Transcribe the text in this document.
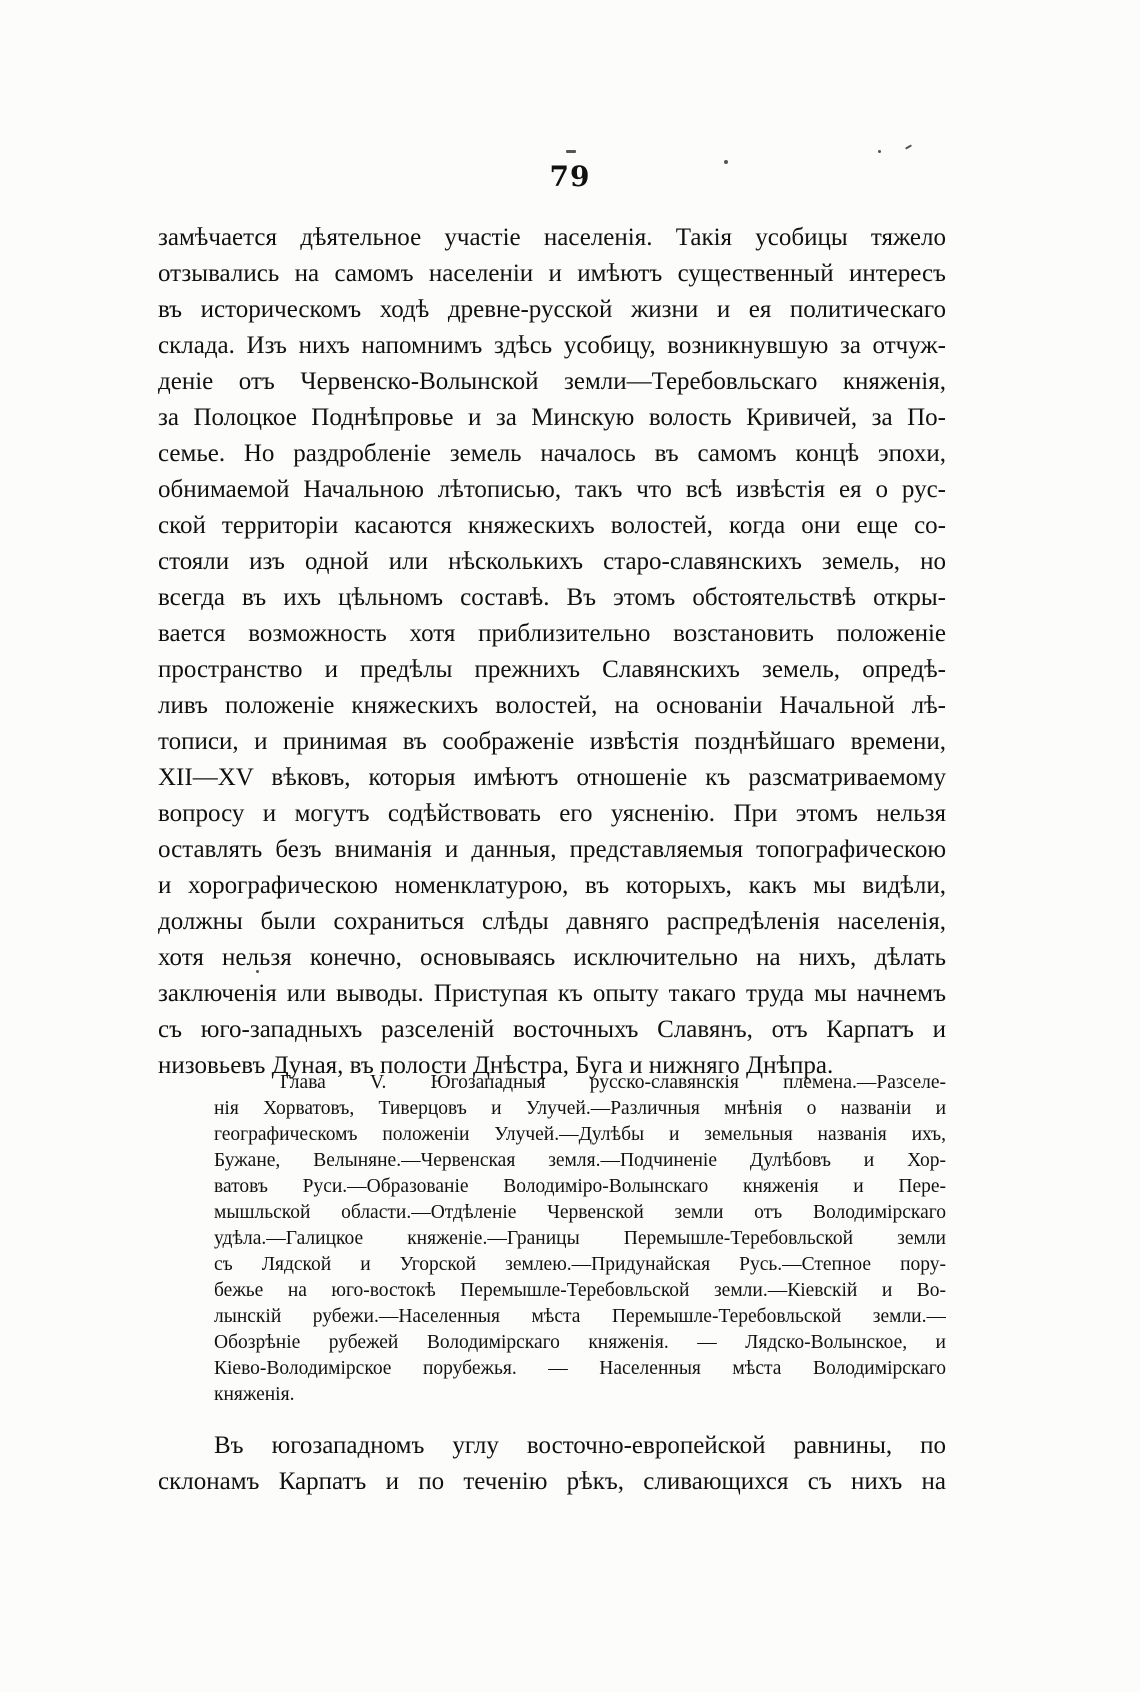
79
замѣчается дѣятельное участіе населенія. Такія усобицы тяжело
отзывались на самомъ населеніи и имѣютъ существенный интересъ
въ историческомъ ходѣ древне-русской жизни и ея политическаго
склада. Изъ нихъ напомнимъ здѣсь усобицу, возникнувшую за отчуж-
деніе отъ Червенско-Волынской земли—Теребовльскаго княженія,
за Полоцкое Поднѣпровье и за Минскую волость Кривичей, за По-
семье. Но раздробленіе земель началось въ самомъ концѣ эпохи,
обнимаемой Начальною лѣтописью, такъ что всѣ извѣстія ея о рус-
ской территоріи касаются княжескихъ волостей, когда они еще со-
стояли изъ одной или нѣсколькихъ старо-славянскихъ земель, но
всегда въ ихъ цѣльномъ составѣ. Въ этомъ обстоятельствѣ откры-
вается возможность хотя приблизительно возстановить положеніе
пространство и предѣлы прежнихъ Славянскихъ земель, опредѣ-
ливъ положеніе княжескихъ волостей, на основаніи Начальной лѣ-
тописи, и принимая въ соображеніе извѣстія позднѣйшаго времени,
XII—XV вѣковъ, которыя имѣютъ отношеніе къ разсматриваемому
вопросу и могутъ содѣйствовать его уясненію. При этомъ нельзя
оставлять безъ вниманія и данныя, представляемыя топографическою
и хорографическою номенклатурою, въ которыхъ, какъ мы видѣли,
должны были сохраниться слѣды давняго распредѣленія населенія,
хотя нельзя конечно, основываясь исключительно на нихъ, дѣлать
заключенія или выводы. Приступая къ опыту такаго труда мы начнемъ
съ юго-западныхъ разселеній восточныхъ Славянъ, отъ Карпатъ и
низовьевъ Дуная, въ полости Днѣстра, Буга и нижняго Днѣпра.
Глава V. Югозападныя русско-славянскія племена.—Разселе-
нія Хорватовъ, Тиверцовъ и Улучей.—Различныя мнѣнія о названіи и
географическомъ положеніи Улучей.—Дулѣбы и земельныя названія ихъ,
Бужане, Велыняне.—Червенская земля.—Подчиненіе Дулѣбовъ и Хор-
ватовъ Руси.—Образованіе Володиміро-Волынскаго княженія и Пере-
мышльской области.—Отдѣленіе Червенской земли отъ Володимірскаго
удѣла.—Галицкое княженіе.—Границы Перемышле-Теребовльской земли
съ Лядской и Угорской землею.—Придунайская Русь.—Степное пору-
бежье на юго-востокѣ Перемышле-Теребовльской земли.—Кіевскій и Во-
лынскій рубежи.—Населенныя мѣста Перемышле-Теребовльской земли.—
Обозрѣніе рубежей Володимірскаго княженія. — Лядско-Волынское, и
Кіево-Володимірское порубежья. — Населенныя мѣста Володимірскаго
княженія.
Въ югозападномъ углу восточно-европейской равнины, по
склонамъ Карпатъ и по теченію рѣкъ, сливающихся съ нихъ на
